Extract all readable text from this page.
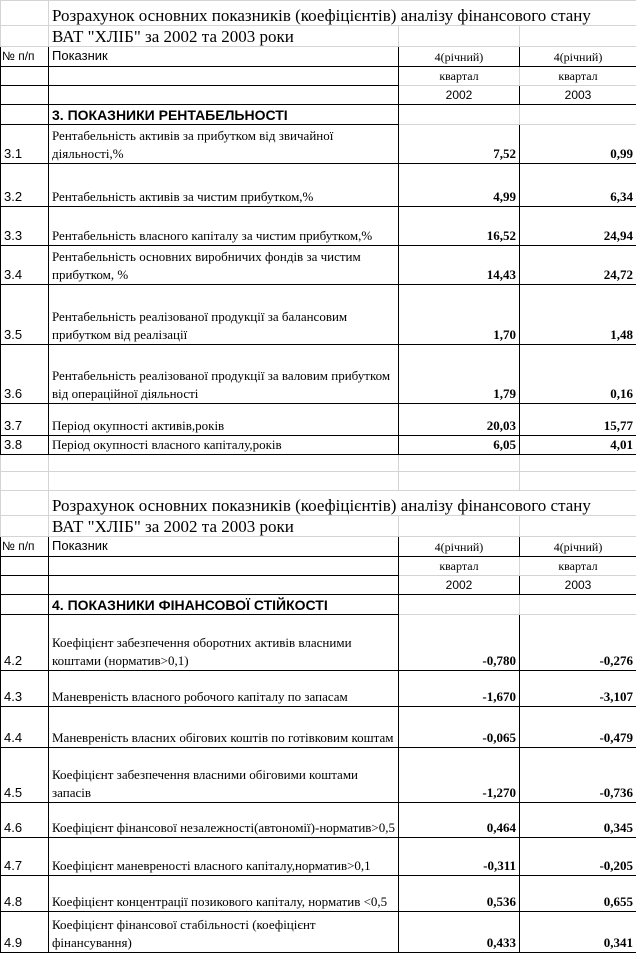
	Розрахунок основних показників (коефіцієнтів) аналізу фінансового стану		
	ВАТ "ХЛІБ" за 2002 та 2003 роки		
№ п/п	Показник	4(річний)	4(річний)
		квартал	квартал
		2002	2003
	3. ПОКАЗНИКИ РЕНТАБЕЛЬНОСТІ		
3.1	Рентабельність активів за прибутком від звичайної діяльності,%	7,52	0,99
3.2	Рентабельність активів за чистим прибутком,%	4,99	6,34
3.3	Рентабельність власного капіталу за чистим прибутком,%	16,52	24,94
3.4	Рентабельність основних виробничих фондів за чистим прибутком, %	14,43	24,72
3.5	Рентабельність реалізованої продукції за балансовим прибутком від реалізації	1,70	1,48
3.6	Рентабельність реалізованої продукції за валовим прибутком від операційної діяльності	1,79	0,16
3.7	Період окупності активів,років	20,03	15,77
3.8	Період окупності власного капіталу,років	6,05	4,01

	Розрахунок основних показників (коефіцієнтів) аналізу фінансового стану		
	ВАТ "ХЛІБ" за 2002 та 2003 роки		
№ п/п	Показник	4(річний)	4(річний)
		квартал	квартал
		2002	2003
	4. ПОКАЗНИКИ ФІНАНСОВОЇ СТІЙКОСТІ		
4.2	Коефіцієнт забезпечення оборотних активів власними коштами (норматив>0,1)	-0,780	-0,276
4.3	Маневреність власного робочого капіталу по запасам	-1,670	-3,107
4.4	Маневреність власних обігових коштів по готівковим коштам	-0,065	-0,479
4.5	Коефіцієнт забезпечення власними обіговими коштами запасів	-1,270	-0,736
4.6	Коефіцієнт фінансової незалежності(автономії)-норматив>0,5	0,464	0,345
4.7	Коефіцієнт маневреності власного капіталу,норматив>0,1	-0,311	-0,205
4.8	Коефіцієнт концентрації позикового капіталу, норматив <0,5	0,536	0,655
4.9	Коефіцієнт фінансової стабільності (коефіцієнт фінансування)	0,433	0,341
